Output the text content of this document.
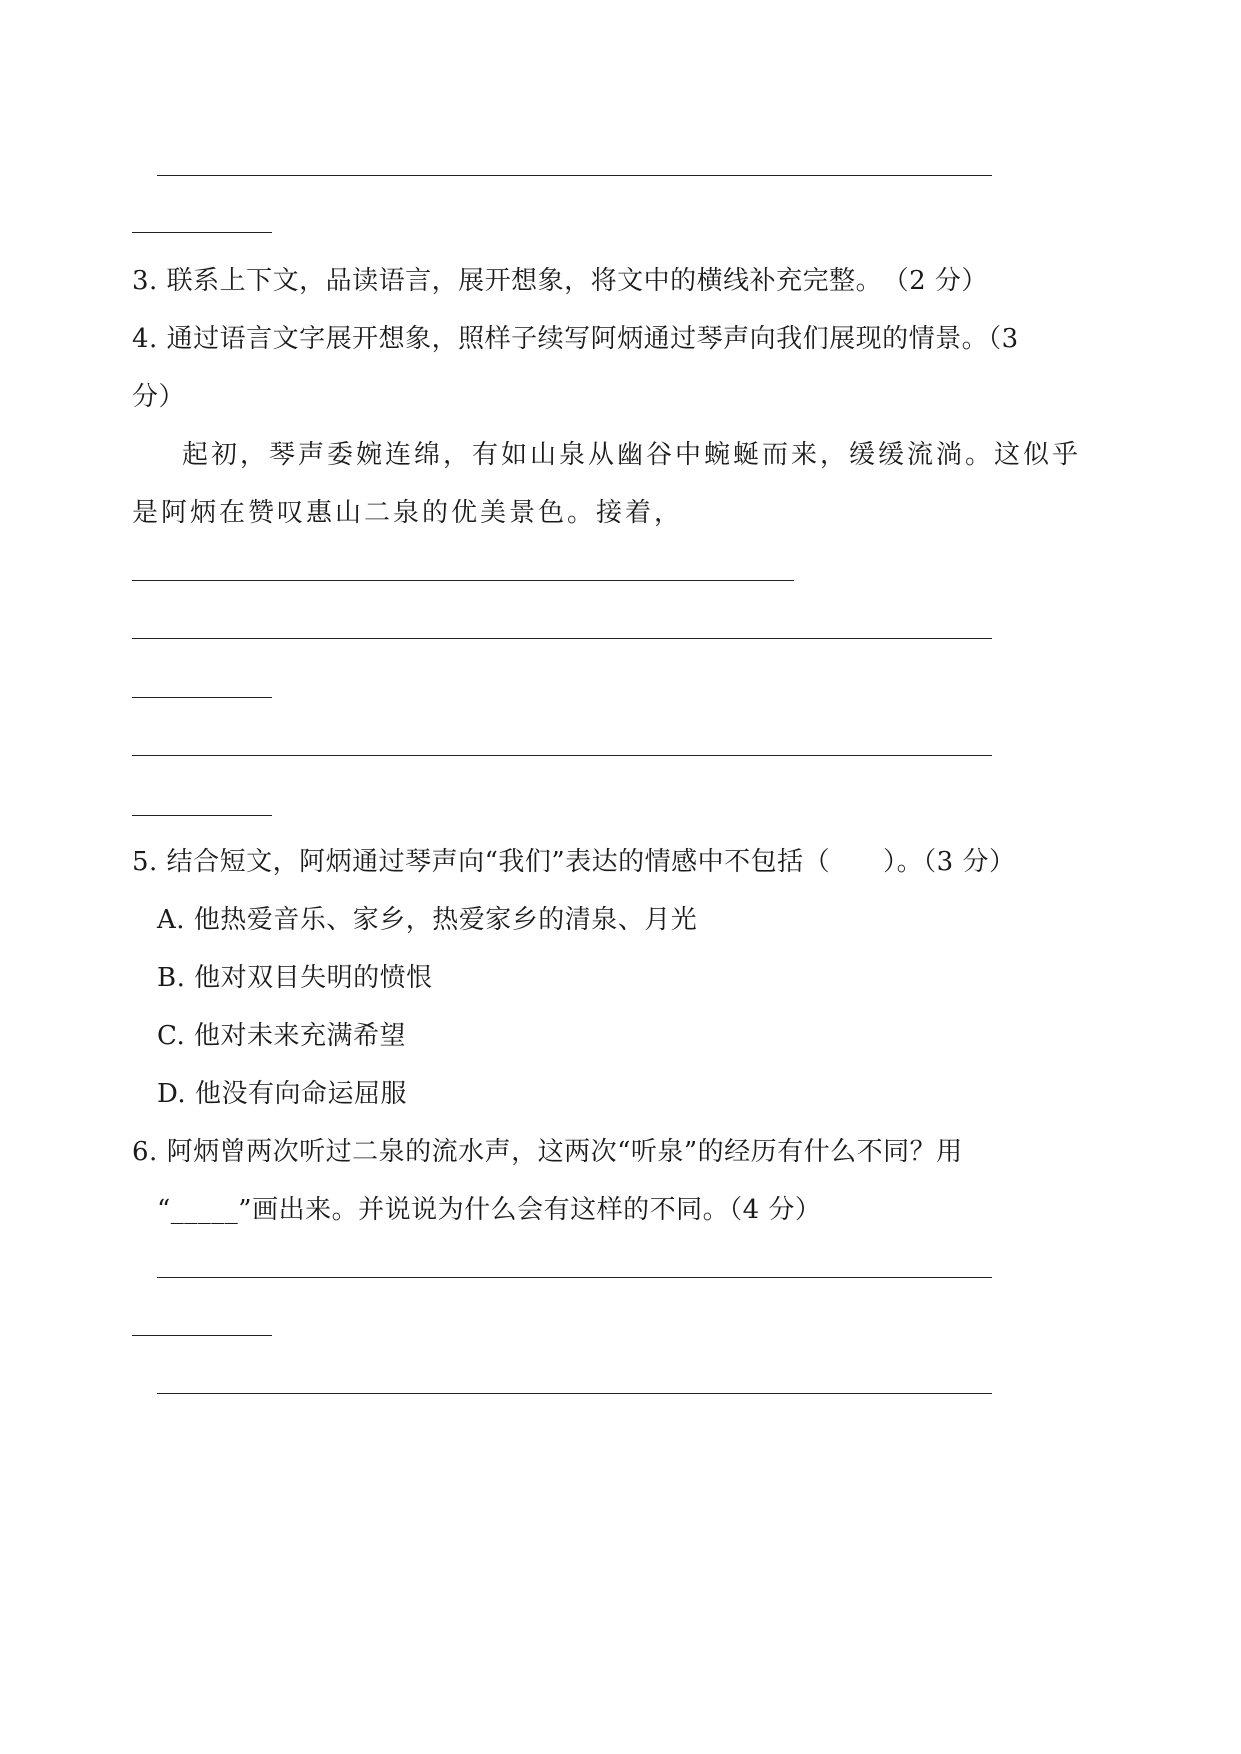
3. 联系上下文，品读语言，展开想象，将文中的横线补充完整。　（2 分）
4. 通过语言文字展开想象，照样子续写阿炳通过琴声向我们展现的情景。（3
分）
起初，琴声委婉连绵，有如山泉从幽谷中蜿蜒而来，缓缓流淌。这似乎
是阿炳在赞叹惠山二泉的优美景色。接着，
5. 结合短文，阿炳通过琴声向“我们”表达的情感中不包括（　　）。（3 分）
A. 他热爱音乐、家乡，热爱家乡的清泉、月光
B. 他对双目失明的愤恨
C. 他对未来充满希望
D. 他没有向命运屈服
6. 阿炳曾两次听过二泉的流水声，这两次“听泉”的经历有什么不同？用
“_____”画出来。并说说为什么会有这样的不同。（4 分）
